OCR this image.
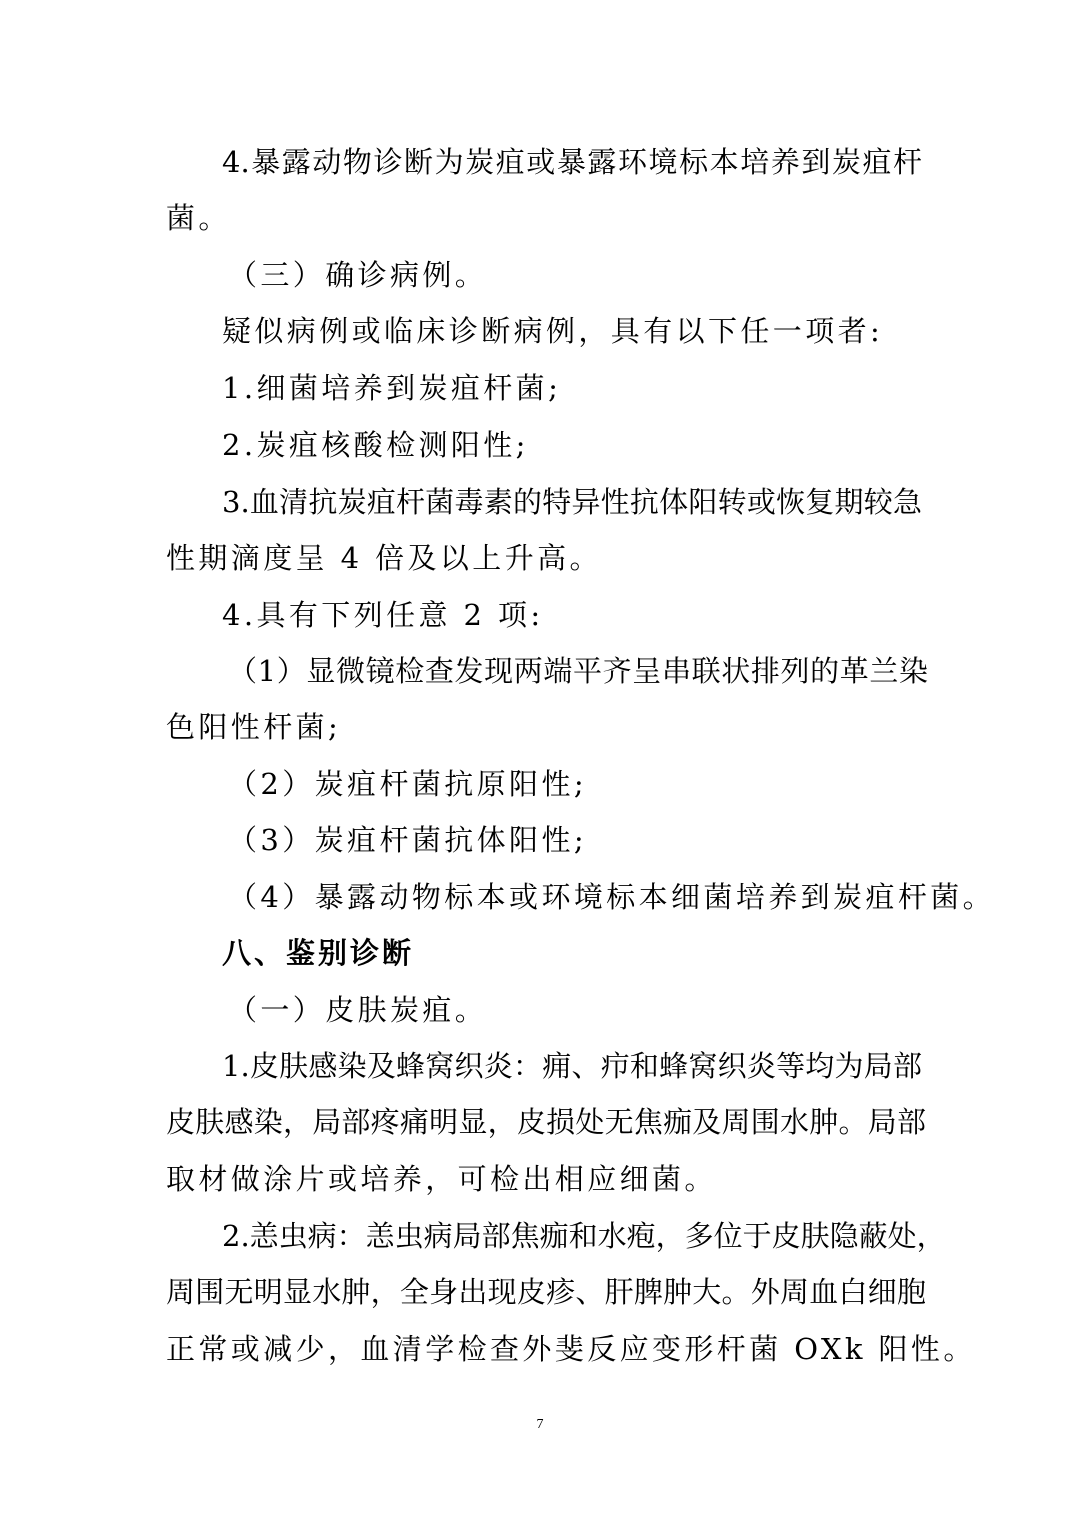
4.暴露动物诊断为炭疽或暴露环境标本培养到炭疽杆
菌。
（三）确诊病例。
疑似病例或临床诊断病例，具有以下任一项者:
1.细菌培养到炭疽杆菌;
2.炭疽核酸检测阳性;
3.血清抗炭疽杆菌毒素的特异性抗体阳转或恢复期较急
性期滴度呈 4 倍及以上升高。
4.具有下列任意 2 项:
（1）显微镜检查发现两端平齐呈串联状排列的革兰染
色阳性杆菌;
（2）炭疽杆菌抗原阳性;
（3）炭疽杆菌抗体阳性;
（4）暴露动物标本或环境标本细菌培养到炭疽杆菌。
八、鉴别诊断
（一）皮肤炭疽。
1.皮肤感染及蜂窝织炎：痈、疖和蜂窝织炎等均为局部
皮肤感染，局部疼痛明显，皮损处无焦痂及周围水肿。局部
取材做涂片或培养，可检出相应细菌。
2.恙虫病：恙虫病局部焦痂和水疱，多位于皮肤隐蔽处，
周围无明显水肿，全身出现皮疹、肝脾肿大。外周血白细胞
正常或减少，血清学检查外斐反应变形杆菌 OXk 阳性。
7
